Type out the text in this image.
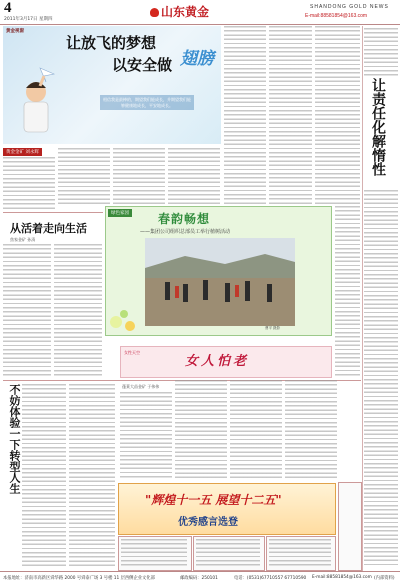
4
2011年3月17日 星期四
山东黄金	SHANDONG GOLD NEWS
E-mail:88581854@163.com
黄金视窗
让放飞的梦想
以安全做 翅膀
相信我是最棒的，期望我们能成长，并期望我们能够健康地成长，平安地成长。	让责任化解惰性
黄金金矿 刘永辉
从活着走向生活
焦家金矿 孙清
绿色家园 春韵畅想
——集团公司组织总部员工举行植树活动
曹平 摄影
女性天空
女人怕老
蓬莱大苗金矿 于伟伟
不妨体验一下转型人生
"辉煌十一五 展望十二五"
优秀感言选登
本报地址：济南市高新区舜华路 2000 号舜泰广场 3 号楼 11 层西侧企业文化部	邮政编码：250101	电话：(0531)67710557 67710590 E-mail:88581854@163.com (内部资料)
